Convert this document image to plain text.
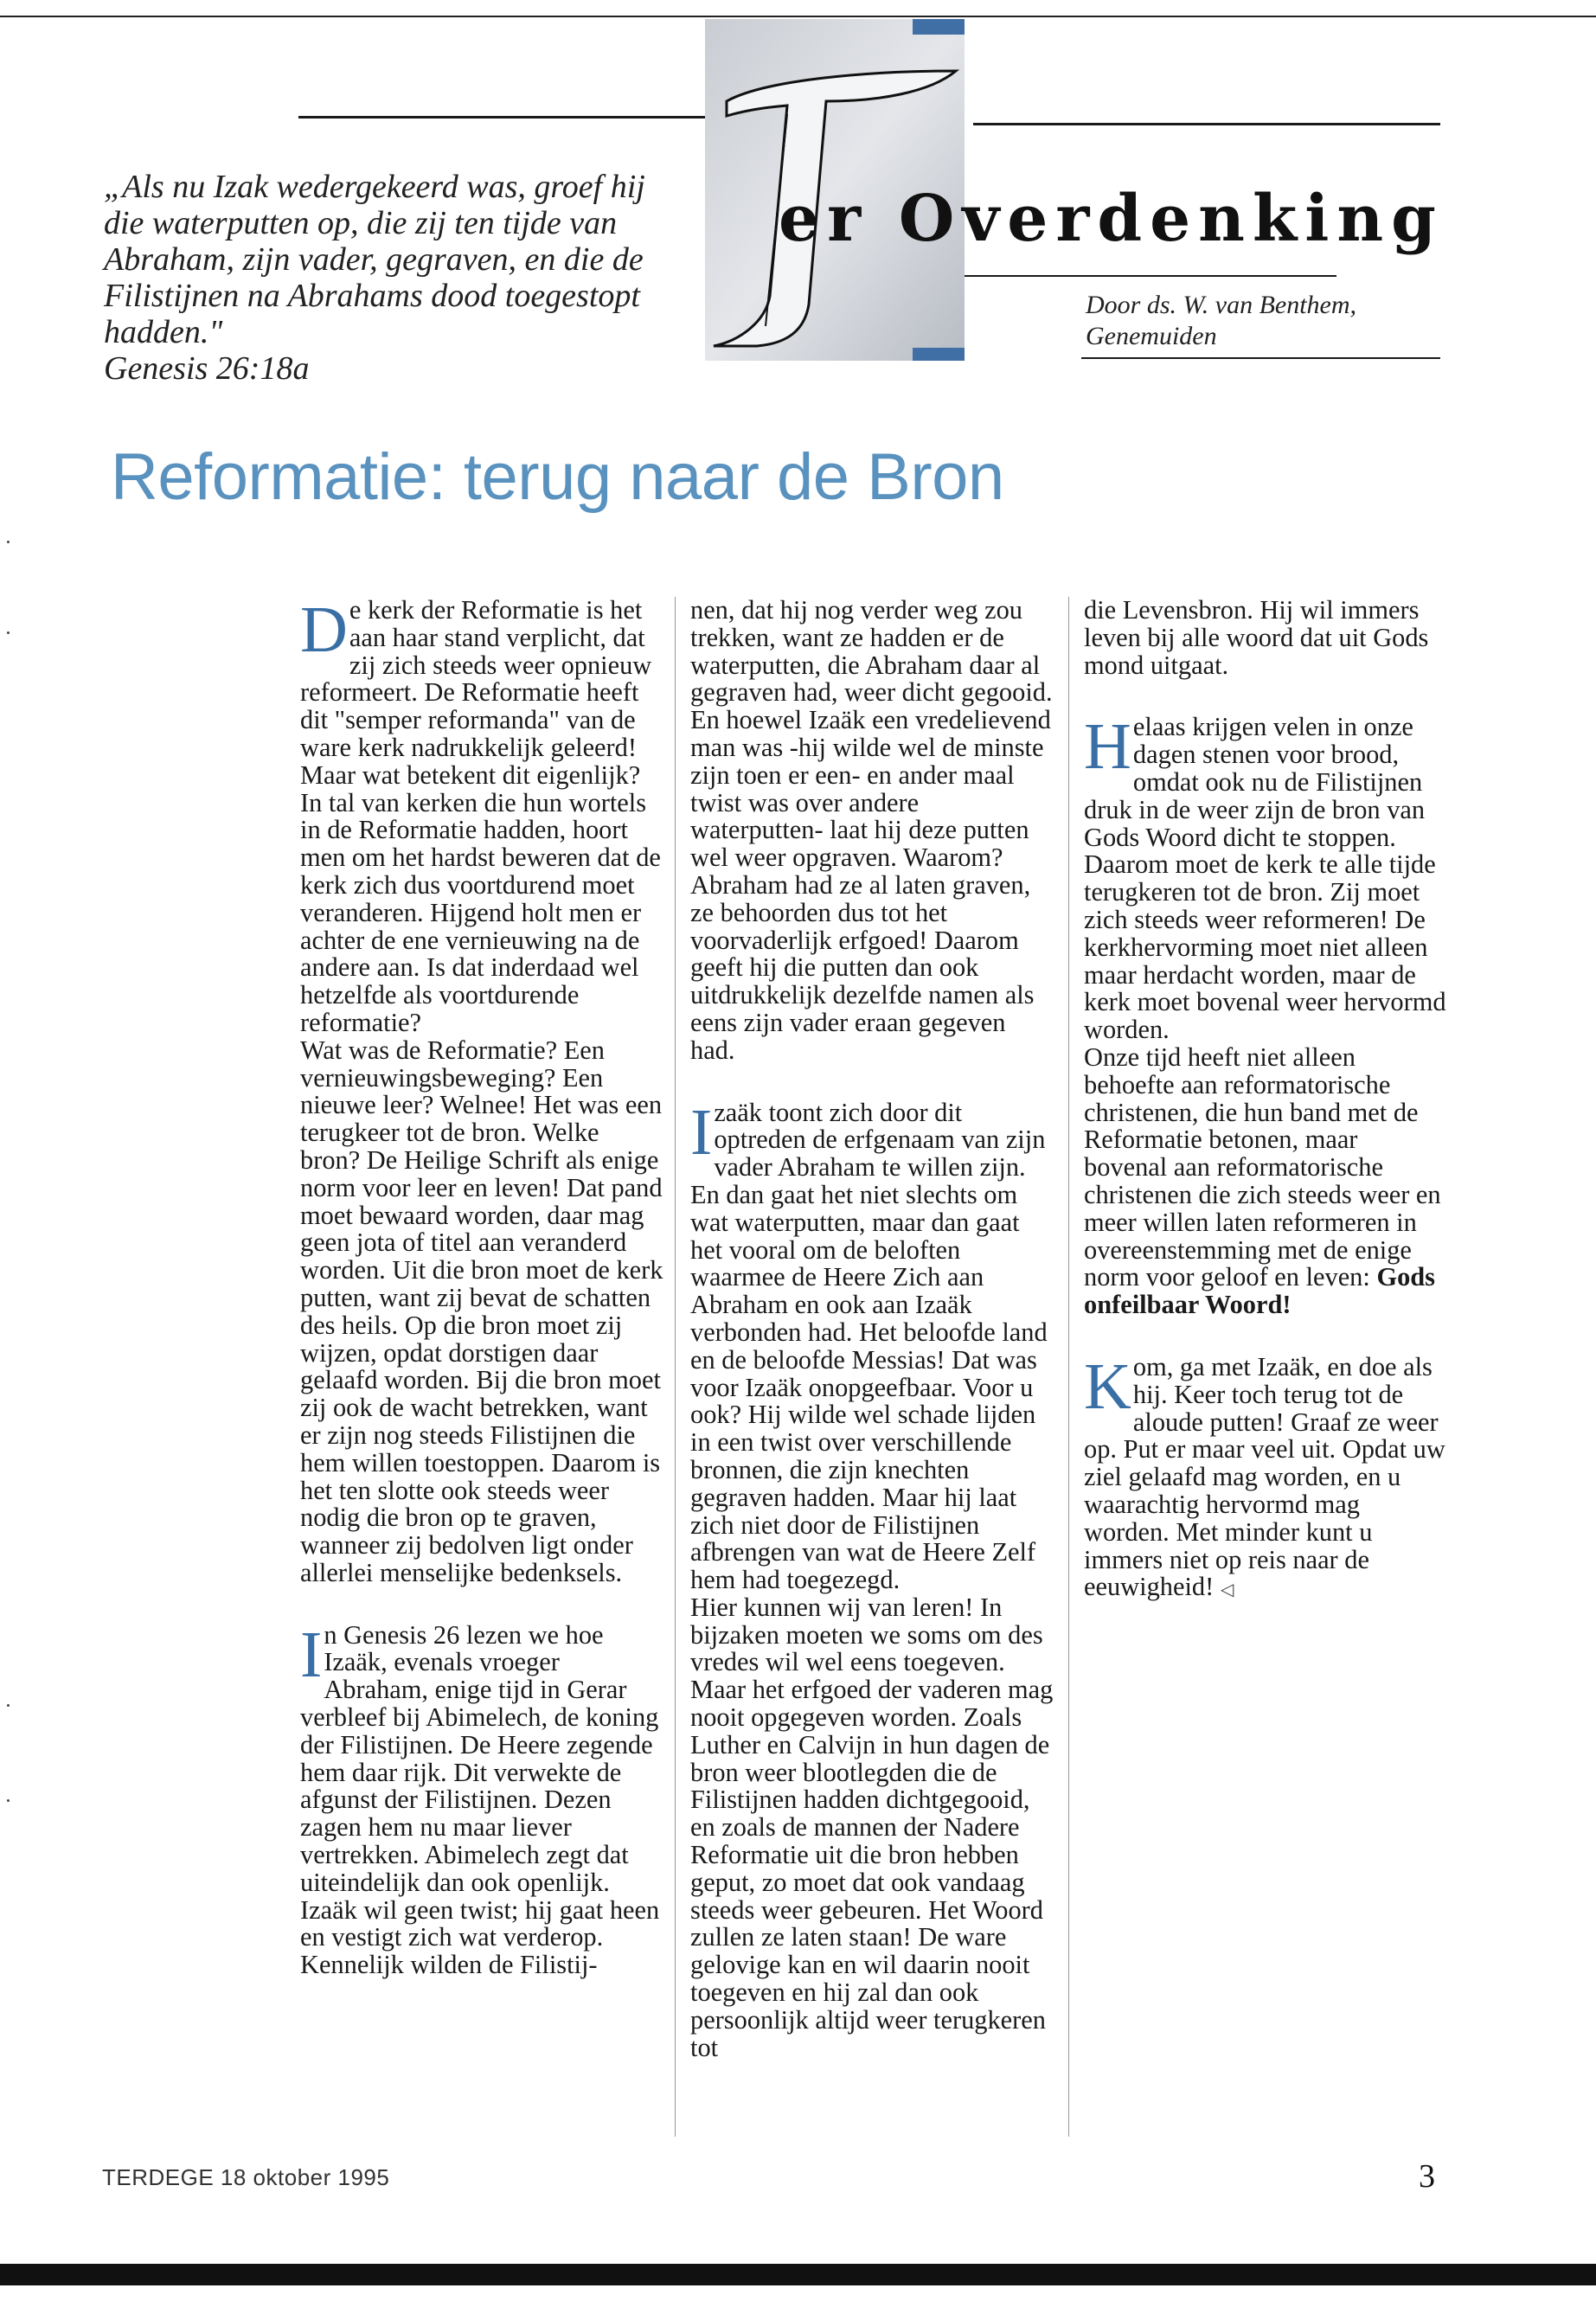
er Overdenking
„Als nu Izak wedergekeerd was, groef hij die waterputten op, die zij ten tijde van Abraham, zijn vader, gegraven, en die de Filistijnen na Abrahams dood toegestopt hadden."
Genesis 26:18a
Door ds. W. van Benthem,
Genemuiden
Reformatie: terug naar de Bron

De kerk der Reformatie is het aan haar stand verplicht, dat zij zich steeds weer opnieuw reformeert. De Reformatie heeft dit "semper reformanda" van de ware kerk nadrukkelijk geleerd! Maar wat betekent dit eigenlijk? In tal van kerken die hun wortels in de Reformatie hadden, hoort men om het hardst beweren dat de kerk zich dus voortdurend moet veranderen. Hijgend holt men er achter de ene vernieuwing na de andere aan. Is dat inderdaad wel hetzelfde als voortdurende reformatie?

Wat was de Reformatie? Een vernieuwingsbeweging? Een nieuwe leer? Welnee! Het was een terugkeer tot de bron. Welke bron? De Heilige Schrift als enige norm voor leer en leven! Dat pand moet bewaard worden, daar mag geen jota of titel aan veranderd worden. Uit die bron moet de kerk putten, want zij bevat de schatten des heils. Op die bron moet zij wijzen, opdat dorstigen daar gelaafd worden. Bij die bron moet zij ook de wacht betrekken, want er zijn nog steeds Filistijnen die hem willen toestoppen. Daarom is het ten slotte ook steeds weer nodig die bron op te graven, wanneer zij bedolven ligt onder allerlei menselijke bedenksels.

In Genesis 26 lezen we hoe Izaäk, evenals vroeger Abraham, enige tijd in Gerar verbleef bij Abimelech, de koning der Filistijnen. De Heere zegende hem daar rijk. Dit verwekte de afgunst der Filistijnen. Dezen zagen hem nu maar liever vertrekken. Abimelech zegt dat uiteindelijk dan ook openlijk. Izaäk wil geen twist; hij gaat heen en vestigt zich wat verderop. Kennelijk wilden de Filistij-

nen, dat hij nog verder weg zou trekken, want ze hadden er de waterputten, die Abraham daar al gegraven had, weer dicht gegooid. En hoewel Izaäk een vredelievend man was -hij wilde wel de minste zijn toen er een- en ander maal twist was over andere waterputten- laat hij deze putten wel weer opgraven. Waarom? Abraham had ze al laten graven, ze behoorden dus tot het voorvaderlijk erfgoed! Daarom geeft hij die putten dan ook uitdrukkelijk dezelfde namen als eens zijn vader eraan gegeven had.

Izaäk toont zich door dit optreden de erfgenaam van zijn vader Abraham te willen zijn. En dan gaat het niet slechts om wat waterputten, maar dan gaat het vooral om de beloften waarmee de Heere Zich aan Abraham en ook aan Izaäk verbonden had. Het beloofde land en de beloofde Messias! Dat was voor Izaäk onopgeefbaar. Voor u ook? Hij wilde wel schade lijden in een twist over verschillende bronnen, die zijn knechten gegraven hadden. Maar hij laat zich niet door de Filistijnen afbrengen van wat de Heere Zelf hem had toegezegd.

Hier kunnen wij van leren! In bijzaken moeten we soms om des vredes wil wel eens toegeven. Maar het erfgoed der vaderen mag nooit opgegeven worden. Zoals Luther en Calvijn in hun dagen de bron weer blootlegden die de Filistijnen hadden dichtgegooid, en zoals de mannen der Nadere Reformatie uit die bron hebben geput, zo moet dat ook vandaag steeds weer gebeuren. Het Woord zullen ze laten staan! De ware gelovige kan en wil daarin nooit toegeven en hij zal dan ook persoonlijk altijd weer terugkeren tot

die Levensbron. Hij wil immers leven bij alle woord dat uit Gods mond uitgaat.

Helaas krijgen velen in onze dagen stenen voor brood, omdat ook nu de Filistijnen druk in de weer zijn de bron van Gods Woord dicht te stoppen. Daarom moet de kerk te alle tijde terugkeren tot de bron. Zij moet zich steeds weer reformeren! De kerkhervorming moet niet alleen maar herdacht worden, maar de kerk moet bovenal weer hervormd worden.

Onze tijd heeft niet alleen behoefte aan reformatorische christenen, die hun band met de Reformatie betonen, maar bovenal aan reformatorische christenen die zich steeds weer en meer willen laten reformeren in overeenstemming met de enige norm voor geloof en leven: Gods onfeilbaar Woord!

Kom, ga met Izaäk, en doe als hij. Keer toch terug tot de aloude putten! Graaf ze weer op. Put er maar veel uit. Opdat uw ziel gelaafd mag worden, en u waarachtig hervormd mag worden. Met minder kunt u immers niet op reis naar de eeuwigheid! ◁

TERDEGE 18 oktober 1995	3
